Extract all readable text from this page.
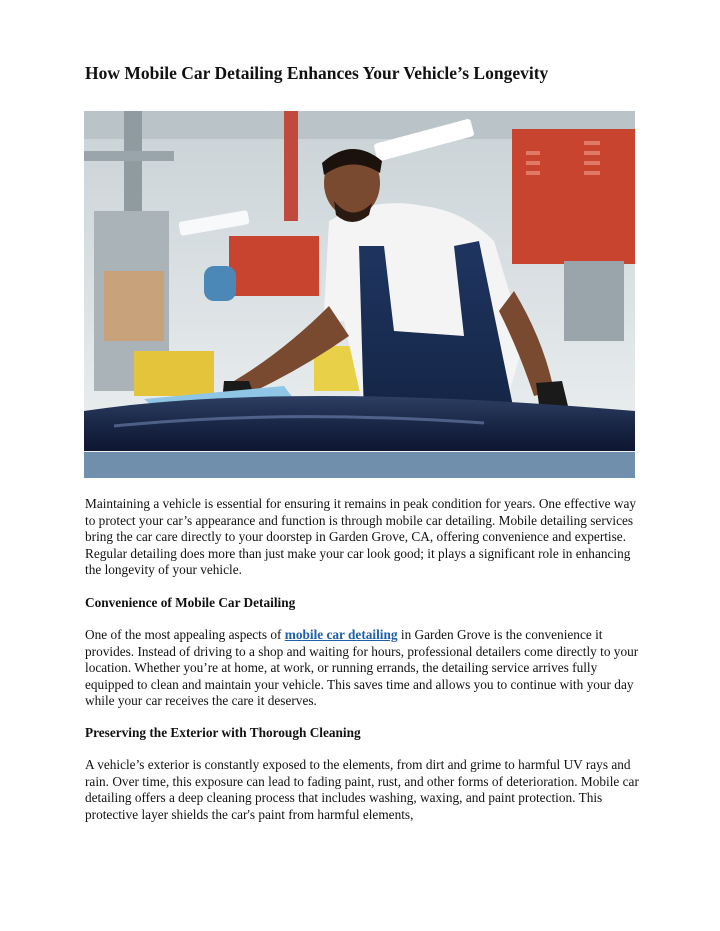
How Mobile Car Detailing Enhances Your Vehicle’s Longevity

Maintaining a vehicle is essential for ensuring it remains in peak condition for years. One effective way to protect your car’s appearance and function is through mobile car detailing. Mobile detailing services bring the car care directly to your doorstep in Garden Grove, CA, offering convenience and expertise. Regular detailing does more than just make your car look good; it plays a significant role in enhancing the longevity of your vehicle.

Convenience of Mobile Car Detailing

One of the most appealing aspects of mobile car detailing in Garden Grove is the convenience it provides. Instead of driving to a shop and waiting for hours, professional detailers come directly to your location. Whether you’re at home, at work, or running errands, the detailing service arrives fully equipped to clean and maintain your vehicle. This saves time and allows you to continue with your day while your car receives the care it deserves.

Preserving the Exterior with Thorough Cleaning

A vehicle’s exterior is constantly exposed to the elements, from dirt and grime to harmful UV rays and rain. Over time, this exposure can lead to fading paint, rust, and other forms of deterioration. Mobile car detailing offers a deep cleaning process that includes washing, waxing, and paint protection. This protective layer shields the car's paint from harmful elements,
